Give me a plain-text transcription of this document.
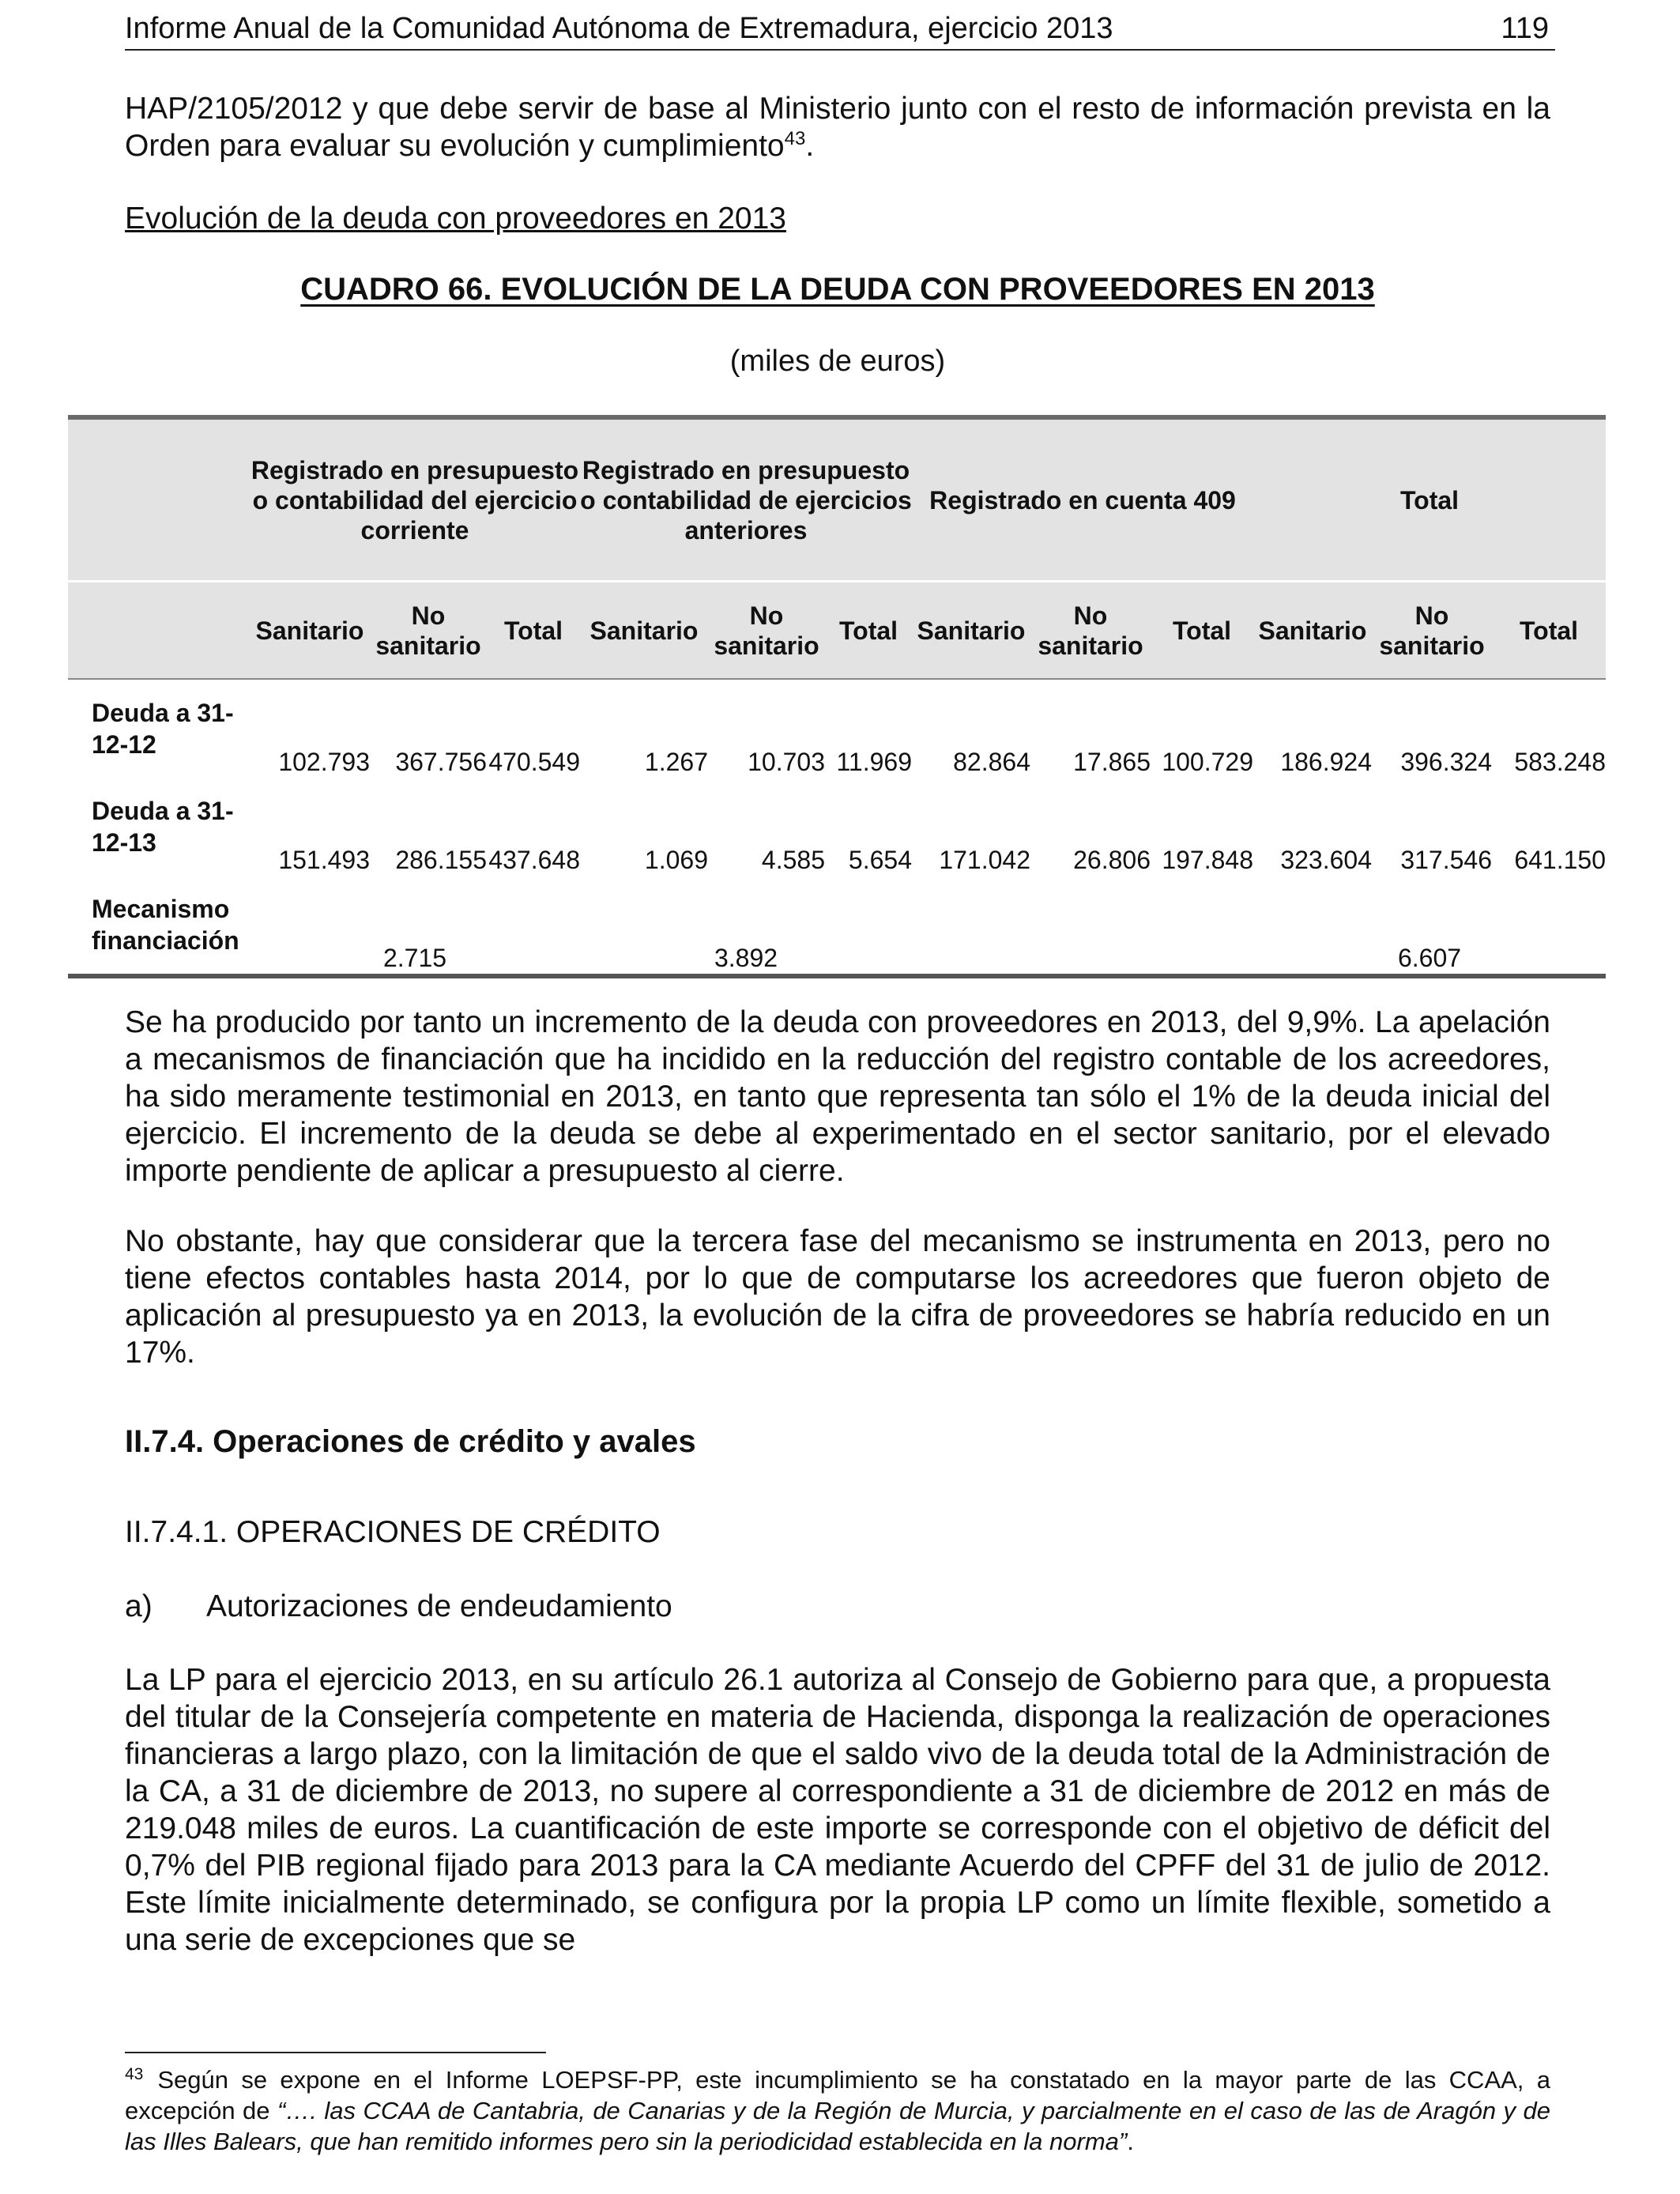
Informe Anual de la Comunidad Autónoma de Extremadura, ejercicio 2013	119
HAP/2105/2012 y que debe servir de base al Ministerio junto con el resto de información prevista en la Orden para evaluar su evolución y cumplimiento$^{43}$.
Evolución de la deuda con proveedores en 2013
CUADRO 66. EVOLUCIÓN DE LA DEUDA CON PROVEEDORES EN 2013
(miles de euros)
	Registrado en presupuesto o contabilidad del ejercicio corriente			Registrado en presupuesto o contabilidad de ejercicios anteriores			Registrado en cuenta 409			Total		
	Sanitario	No sanitario	Total	Sanitario	No sanitario	Total	Sanitario	No sanitario	Total	Sanitario	No sanitario	Total
Deuda a 31-12-12	102.793	367.756	470.549	1.267	10.703	11.969	82.864	17.865	100.729	186.924	396.324	583.248
Deuda a 31-12-13	151.493	286.155	437.648	1.069	4.585	5.654	171.042	26.806	197.848	323.604	317.546	641.150
Mecanismo financiación	2.715			3.892						6.607		
Se ha producido por tanto un incremento de la deuda con proveedores en 2013, del 9,9%. La apelación a mecanismos de financiación que ha incidido en la reducción del registro contable de los acreedores, ha sido meramente testimonial en 2013, en tanto que representa tan sólo el 1% de la deuda inicial del ejercicio. El incremento de la deuda se debe al experimentado en el sector sanitario, por el elevado importe pendiente de aplicar a presupuesto al cierre.
No obstante, hay que considerar que la tercera fase del mecanismo se instrumenta en 2013, pero no tiene efectos contables hasta 2014, por lo que de computarse los acreedores que fueron objeto de aplicación al presupuesto ya en 2013, la evolución de la cifra de proveedores se habría reducido en un 17%.
II.7.4. Operaciones de crédito y avales
II.7.4.1. OPERACIONES DE CRÉDITO
a) Autorizaciones de endeudamiento
La LP para el ejercicio 2013, en su artículo 26.1 autoriza al Consejo de Gobierno para que, a propuesta del titular de la Consejería competente en materia de Hacienda, disponga la realización de operaciones financieras a largo plazo, con la limitación de que el saldo vivo de la deuda total de la Administración de la CA, a 31 de diciembre de 2013, no supere al correspondiente a 31 de diciembre de 2012 en más de 219.048 miles de euros. La cuantificación de este importe se corresponde con el objetivo de déficit del 0,7% del PIB regional fijado para 2013 para la CA mediante Acuerdo del CPFF del 31 de julio de 2012. Este límite inicialmente determinado, se configura por la propia LP como un límite flexible, sometido a una serie de excepciones que se
$^{43}$ Según se expone en el Informe LOEPSF-PP, este incumplimiento se ha constatado en la mayor parte de las CCAA, a excepción de “…. las CCAA de Cantabria, de Canarias y de la Región de Murcia, y parcialmente en el caso de las de Aragón y de las Illes Balears, que han remitido informes pero sin la periodicidad establecida en la norma”.
